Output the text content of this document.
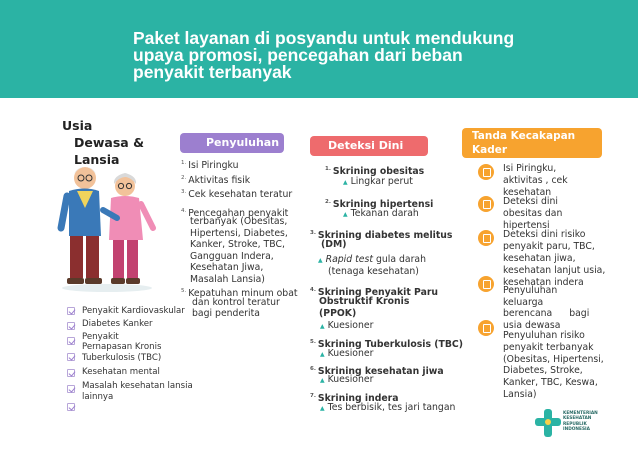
Paket layanan di posyandu untuk mendukung
upaya promosi, pencegahan dari beban
penyakit terbanyak
Usia
Dewasa &
Lansia
Penyuluhan	Deteksi Dini
Tanda Kecakapan
Kader
$^{1.}$ Isi Piringku
$^{2.}$ Aktivitas fisik
$^{3.}$ Cek kesehatan teratur
$^{4.}$ Pencegahan penyakit
terbanyak (Obesitas,
Hipertensi, Diabetes,
Kanker, Stroke, TBC,
Gangguan Indera,
Kesehatan Jiwa,
Masalah Lansia)
$^{5.}$ Kepatuhan minum obat
dan kontrol teratur
bagi penderita
Penyakit Kardiovaskular
Diabetes Kanker
Penyakit
Pernapasan Kronis
Tuberkulosis (TBC)
Kesehatan mental
Masalah kesehatan lansia
lainnya
$^{1.}$ Skrining obesitas
▲ Lingkar perut
$^{2.}$ Skrining hipertensi
▲ Tekanan darah
$^{3.}$ Skrining diabetes melitus
(DM)
▲ Rapid test gula darah
(tenaga kesehatan)
$^{4.}$ Skrining Penyakit Paru
Obstruktif Kronis
(PPOK)
▲ Kuesioner
$^{5.}$ Skrining Tuberkulosis (TBC)
▲ Kuesioner
$^{6.}$ Skrining kesehatan jiwa
▲ Kuesioner
$^{7.}$ Skrining indera
▲ Tes berbisik, tes jari tangan
Isi Piringku,
aktivitas , cek
kesehatan
Deteksi dini
obesitas dan
hipertensi
Deteksi dini risiko
penyakit paru, TBC,
kesehatan jiwa,
kesehatan lanjut usia,
kesehatan indera
Penyuluhan
keluarga
berencana bagi
usia dewasa
Penyuluhan risiko
penyakit terbanyak
(Obesitas, Hipertensi,
Diabetes, Stroke,
Kanker, TBC, Keswa,
Lansia)
KEMENTERIAN
KESEHATAN
REPUBLIK
INDONESIA
